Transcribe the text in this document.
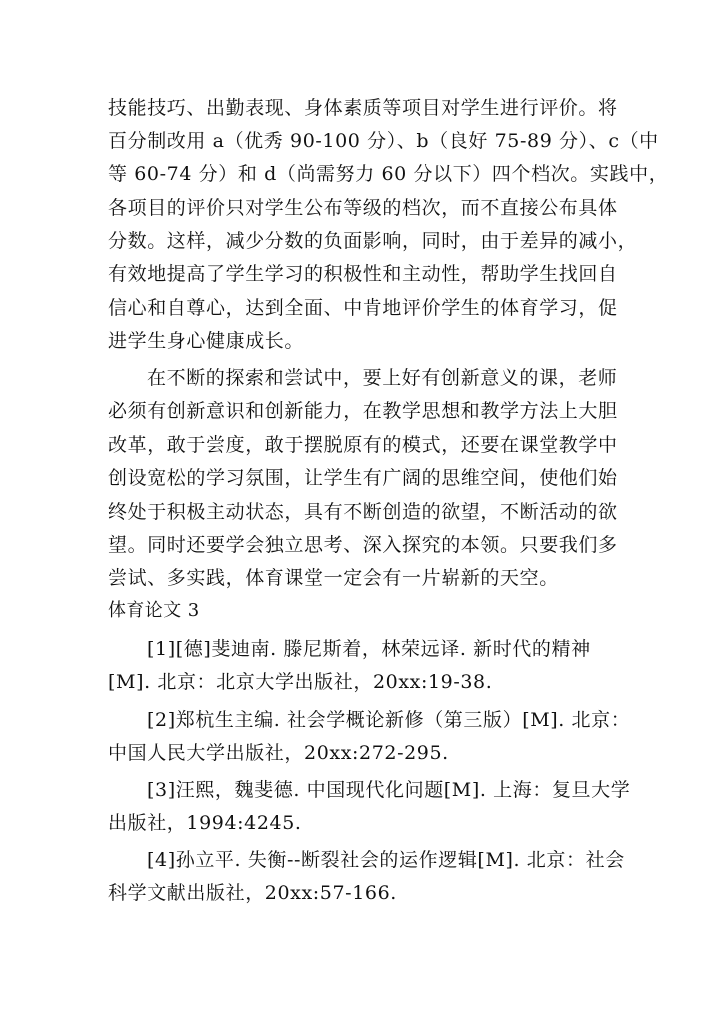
技能技巧、出勤表现、身体素质等项目对学生进行评价。将
百分制改用 a（优秀 90-100 分）、b（良好 75-89 分）、c（中
等 60-74 分）和 d（尚需努力 60 分以下）四个档次。实践中，
各项目的评价只对学生公布等级的档次，而不直接公布具体
分数。这样，减少分数的负面影响，同时，由于差异的减小，
有效地提高了学生学习的积极性和主动性，帮助学生找回自
信心和自尊心，达到全面、中肯地评价学生的体育学习，促
进学生身心健康成长。
在不断的探索和尝试中，要上好有创新意义的课，老师
必须有创新意识和创新能力，在教学思想和教学方法上大胆
改革，敢于尝度，敢于摆脱原有的模式，还要在课堂教学中
创设宽松的学习氛围，让学生有广阔的思维空间，使他们始
终处于积极主动状态，具有不断创造的欲望，不断活动的欲
望。同时还要学会独立思考、深入探究的本领。只要我们多
尝试、多实践，体育课堂一定会有一片崭新的天空。
体育论文 3
[1][德]斐迪南. 滕尼斯着，林荣远译. 新时代的精神
[M]. 北京：北京大学出版社，20xx:19-38.
[2]郑杭生主编. 社会学概论新修（第三版）[M]. 北京：
中国人民大学出版社，20xx:272-295.
[3]汪熙，魏斐德. 中国现代化问题[M]. 上海：复旦大学
出版社，1994:4245.
[4]孙立平. 失衡--断裂社会的运作逻辑[M]. 北京：社会
科学文献出版社，20xx:57-166.
